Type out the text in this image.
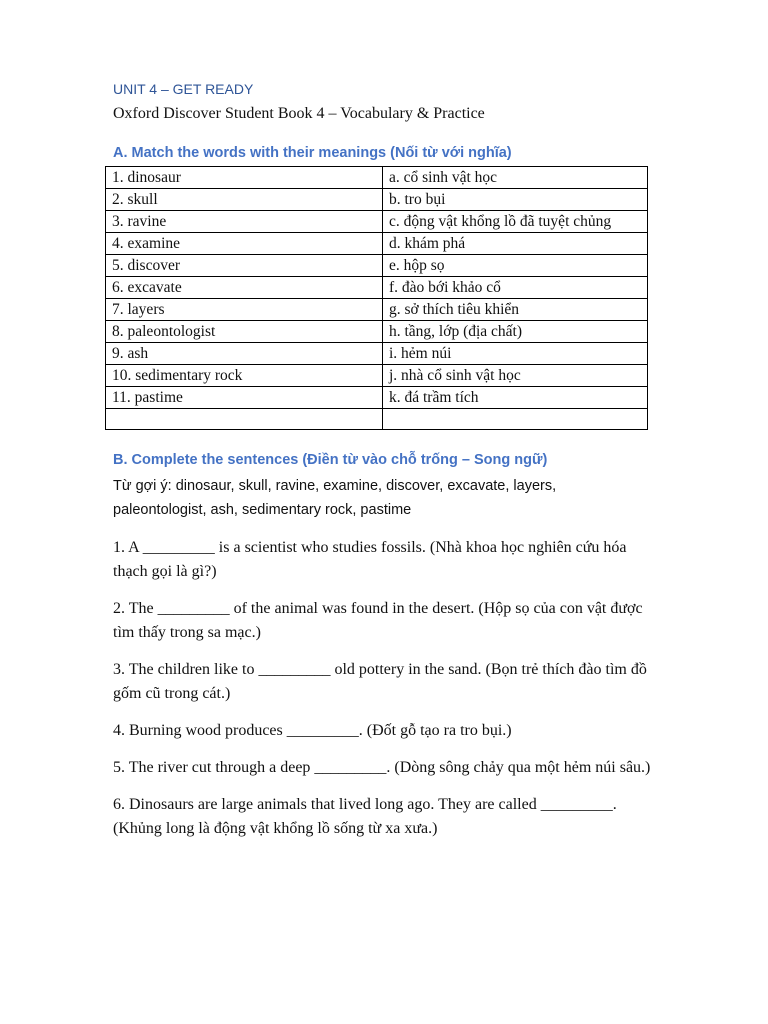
UNIT 4 – GET READY

Oxford Discover Student Book 4 – Vocabulary & Practice

A. Match the words with their meanings (Nối từ với nghĩa)
1. dinosaur	a. cổ sinh vật học
2. skull	b. tro bụi
3. ravine	c. động vật khổng lồ đã tuyệt chủng
4. examine	d. khám phá
5. discover	e. hộp sọ
6. excavate	f. đào bới khảo cổ
7. layers	g. sở thích tiêu khiển
8. paleontologist	h. tầng, lớp (địa chất)
9. ash	i. hẻm núi
10. sedimentary rock	j. nhà cổ sinh vật học
11. pastime	k. đá trầm tích

B. Complete the sentences (Điền từ vào chỗ trống – Song ngữ)

Từ gợi ý: dinosaur, skull, ravine, examine, discover, excavate, layers, paleontologist, ash, sedimentary rock, pastime

1. A _________ is a scientist who studies fossils. (Nhà khoa học nghiên cứu hóa thạch gọi là gì?)

2. The _________ of the animal was found in the desert. (Hộp sọ của con vật được tìm thấy trong sa mạc.)

3. The children like to _________ old pottery in the sand. (Bọn trẻ thích đào tìm đồ gốm cũ trong cát.)

4. Burning wood produces _________. (Đốt gỗ tạo ra tro bụi.)

5. The river cut through a deep _________. (Dòng sông chảy qua một hẻm núi sâu.)

6. Dinosaurs are large animals that lived long ago. They are called _________. (Khủng long là động vật khổng lồ sống từ xa xưa.)
